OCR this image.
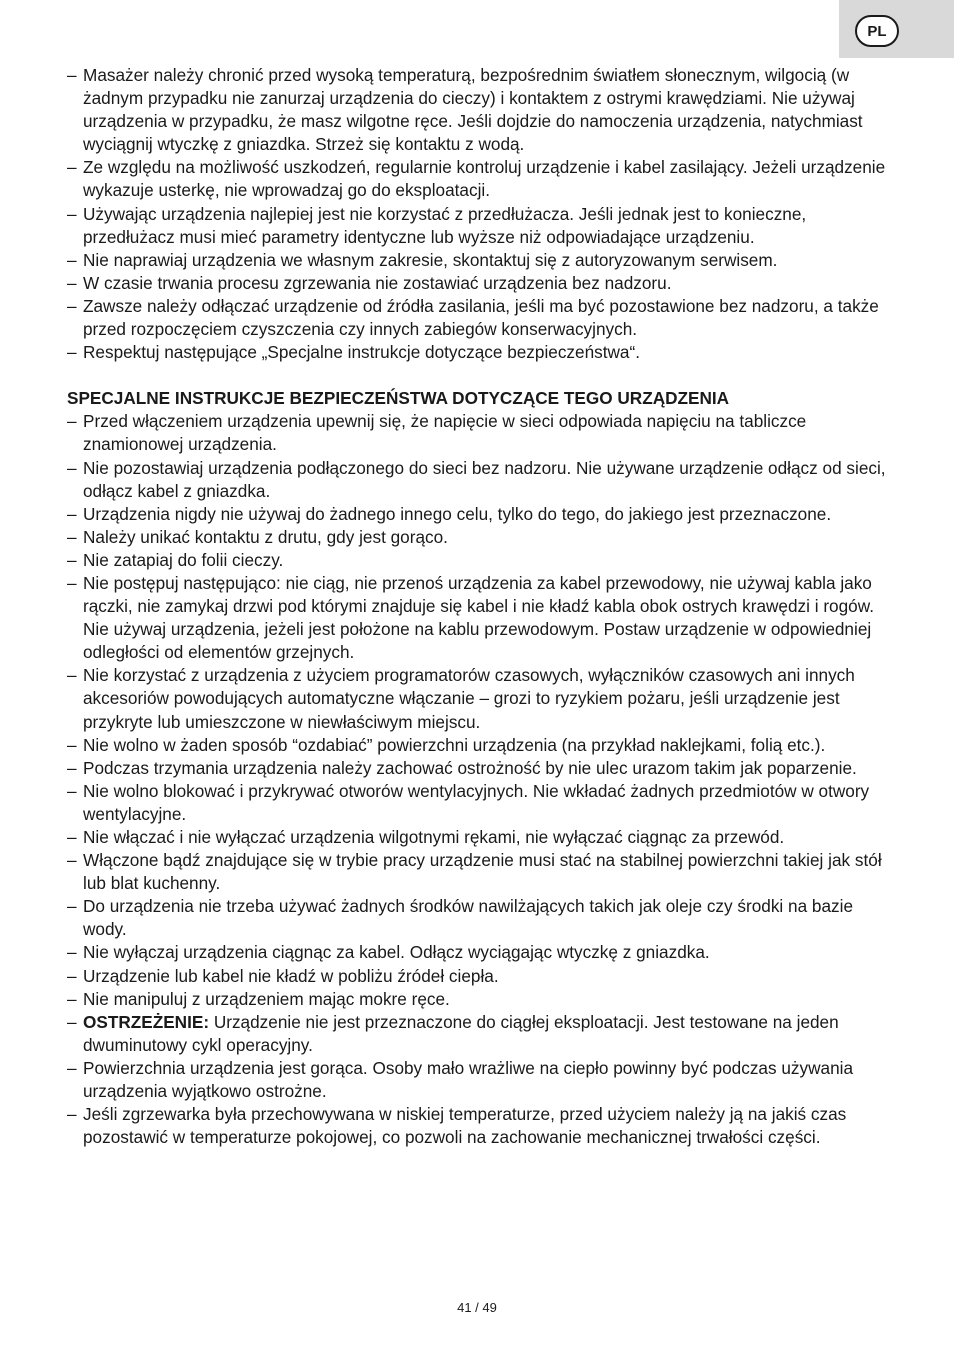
PL
– Masażer należy chronić przed wysoką temperaturą, bezpośrednim światłem słonecznym, wilgocią (w żadnym przypadku nie zanurzaj urządzenia do cieczy) i kontaktem z ostrymi krawędziami. Nie używaj urządzenia w przypadku, że masz wilgotne ręce. Jeśli dojdzie do namoczenia urządzenia, natychmiast wyciągnij wtyczkę z gniazdka. Strzeż się kontaktu z wodą.
– Ze względu na możliwość uszkodzeń, regularnie kontroluj urządzenie i kabel zasilający. Jeżeli urządzenie wykazuje usterkę, nie wprowadzaj go do eksploatacji.
– Używając urządzenia najlepiej jest nie korzystać z przedłużacza. Jeśli jednak jest to konieczne, przedłużacz musi mieć parametry identyczne lub wyższe niż odpowiadające urządzeniu.
– Nie naprawiaj urządzenia we własnym zakresie, skontaktuj się z autoryzowanym serwisem.
– W czasie trwania procesu zgrzewania nie zostawiać urządzenia bez nadzoru.
– Zawsze należy odłączać urządzenie od źródła zasilania, jeśli ma być pozostawione bez nadzoru, a także przed rozpoczęciem czyszczenia czy innych zabiegów konserwacyjnych.
– Respektuj następujące „Specjalne instrukcje dotyczące bezpieczeństwa“.
SPECJALNE INSTRUKCJE BEZPIECZEŃSTWA DOTYCZĄCE TEGO URZĄDZENIA
– Przed włączeniem urządzenia upewnij się, że napięcie w sieci odpowiada napięciu na tabliczce znamionowej urządzenia.
– Nie pozostawiaj urządzenia podłączonego do sieci bez nadzoru. Nie używane urządzenie odłącz od sieci, odłącz kabel z gniazdka.
– Urządzenia nigdy nie używaj do żadnego innego celu, tylko do tego, do jakiego jest przeznaczone.
– Należy unikać kontaktu z drutu, gdy jest gorąco.
– Nie zatapiaj do folii cieczy.
– Nie postępuj następująco: nie ciąg, nie przenoś urządzenia za kabel przewodowy, nie używaj kabla jako rączki, nie zamykaj drzwi pod którymi znajduje się kabel i nie kładź kabla obok ostrych krawędzi i rogów. Nie używaj urządzenia, jeżeli jest położone na kablu przewodowym. Postaw urządzenie w odpowiedniej odległości od elementów grzejnych.
– Nie korzystać z urządzenia z użyciem programatorów czasowych, wyłączników czasowych ani innych akcesoriów powodujących automatyczne włączanie – grozi to ryzykiem pożaru, jeśli urządzenie jest przykryte lub umieszczone w niewłaściwym miejscu.
– Nie wolno w żaden sposób “ozdabiać” powierzchni urządzenia (na przykład naklejkami, folią etc.).
– Podczas trzymania urządzenia należy zachować ostrożność by nie ulec urazom takim jak poparzenie.
– Nie wolno blokować i przykrywać otworów wentylacyjnych. Nie wkładać żadnych przedmiotów w otwory wentylacyjne.
– Nie włączać i nie wyłączać urządzenia wilgotnymi rękami, nie wyłączać ciągnąc za przewód.
– Włączone bądź znajdujące się w trybie pracy urządzenie musi stać na stabilnej powierzchni takiej jak stół lub blat kuchenny.
– Do urządzenia nie trzeba używać żadnych środków nawilżających takich jak oleje czy środki na bazie wody.
– Nie wyłączaj urządzenia ciągnąc za kabel. Odłącz wyciągając wtyczkę z gniazdka.
– Urządzenie lub kabel nie kładź w pobliżu źródeł ciepła.
– Nie manipuluj z urządzeniem mając mokre ręce.
– OSTRZEŻENIE: Urządzenie nie jest przeznaczone do ciągłej eksploatacji. Jest testowane na jeden dwuminutowy cykl operacyjny.
– Powierzchnia urządzenia jest gorąca. Osoby mało wrażliwe na ciepło powinny być podczas używania urządzenia wyjątkowo ostrożne.
– Jeśli zgrzewarka była przechowywana w niskiej temperaturze, przed użyciem należy ją na jakiś czas pozostawić w temperaturze pokojowej, co pozwoli na zachowanie mechanicznej trwałości części.
41 / 49
